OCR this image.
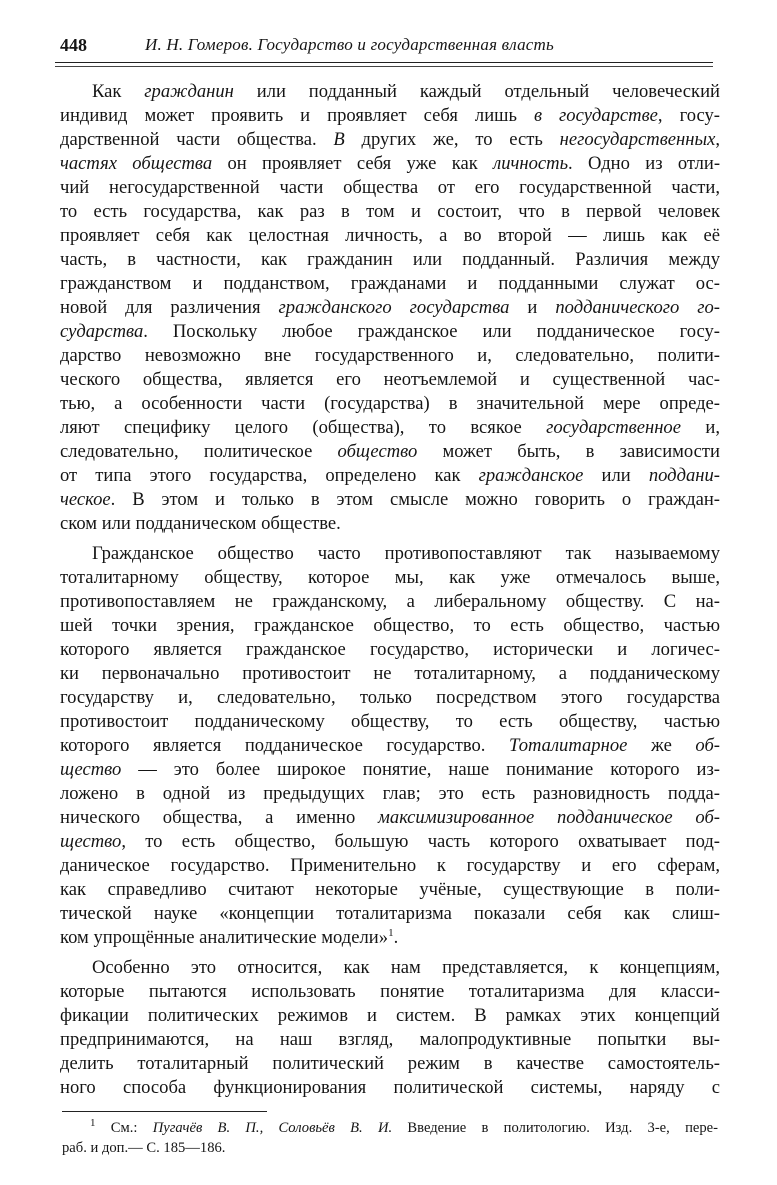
448	И. Н. Гомеров. Государство и государственная власть
Как гражданин или подданный каждый отдельный человеческий
индивид может проявить и проявляет себя лишь в государстве, госу-
дарственной части общества. В других же, то есть негосударственных,
частях общества он проявляет себя уже как личность. Одно из отли-
чий негосударственной части общества от его государственной части,
то есть государства, как раз в том и состоит, что в первой человек
проявляет себя как целостная личность, а во второй — лишь как её
часть, в частности, как гражданин или подданный. Различия между
гражданством и подданством, гражданами и подданными служат ос-
новой для различения гражданского государства и подданического го-
сударства. Поскольку любое гражданское или подданическое госу-
дарство невозможно вне государственного и, следовательно, полити-
ческого общества, является его неотъемлемой и существенной час-
тью, а особенности части (государства) в значительной мере опреде-
ляют специфику целого (общества), то всякое государственное и,
следовательно, политическое общество может быть, в зависимости
от типа этого государства, определено как гражданское или поддани-
ческое. В этом и только в этом смысле можно говорить о граждан-
ском или подданическом обществе.
Гражданское общество часто противопоставляют так называемому
тоталитарному обществу, которое мы, как уже отмечалось выше,
противопоставляем не гражданскому, а либеральному обществу. С на-
шей точки зрения, гражданское общество, то есть общество, частью
которого является гражданское государство, исторически и логичес-
ки первоначально противостоит не тоталитарному, а подданическому
государству и, следовательно, только посредством этого государства
противостоит подданическому обществу, то есть обществу, частью
которого является подданическое государство. Тоталитарное же об-
щество — это более широкое понятие, наше понимание которого из-
ложено в одной из предыдущих глав; это есть разновидность подда-
нического общества, а именно максимизированное подданическое об-
щество, то есть общество, большую часть которого охватывает под-
даническое государство. Применительно к государству и его сферам,
как справедливо считают некоторые учёные, существующие в поли-
тической науке «концепции тоталитаризма показали себя как слиш-
ком упрощённые аналитические модели»$^1$.
Особенно это относится, как нам представляется, к концепциям,
которые пытаются использовать понятие тоталитаризма для класси-
фикации политических режимов и систем. В рамках этих концепций
предпринимаются, на наш взгляд, малопродуктивные попытки вы-
делить тоталитарный политический режим в качестве самостоятель-
ного способа функционирования политической системы, наряду с
$^1$ См.: Пугачёв В. П., Соловьёв В. И. Введение в политологию. Изд. 3-е, пере-
раб. и доп.— С. 185—186.
